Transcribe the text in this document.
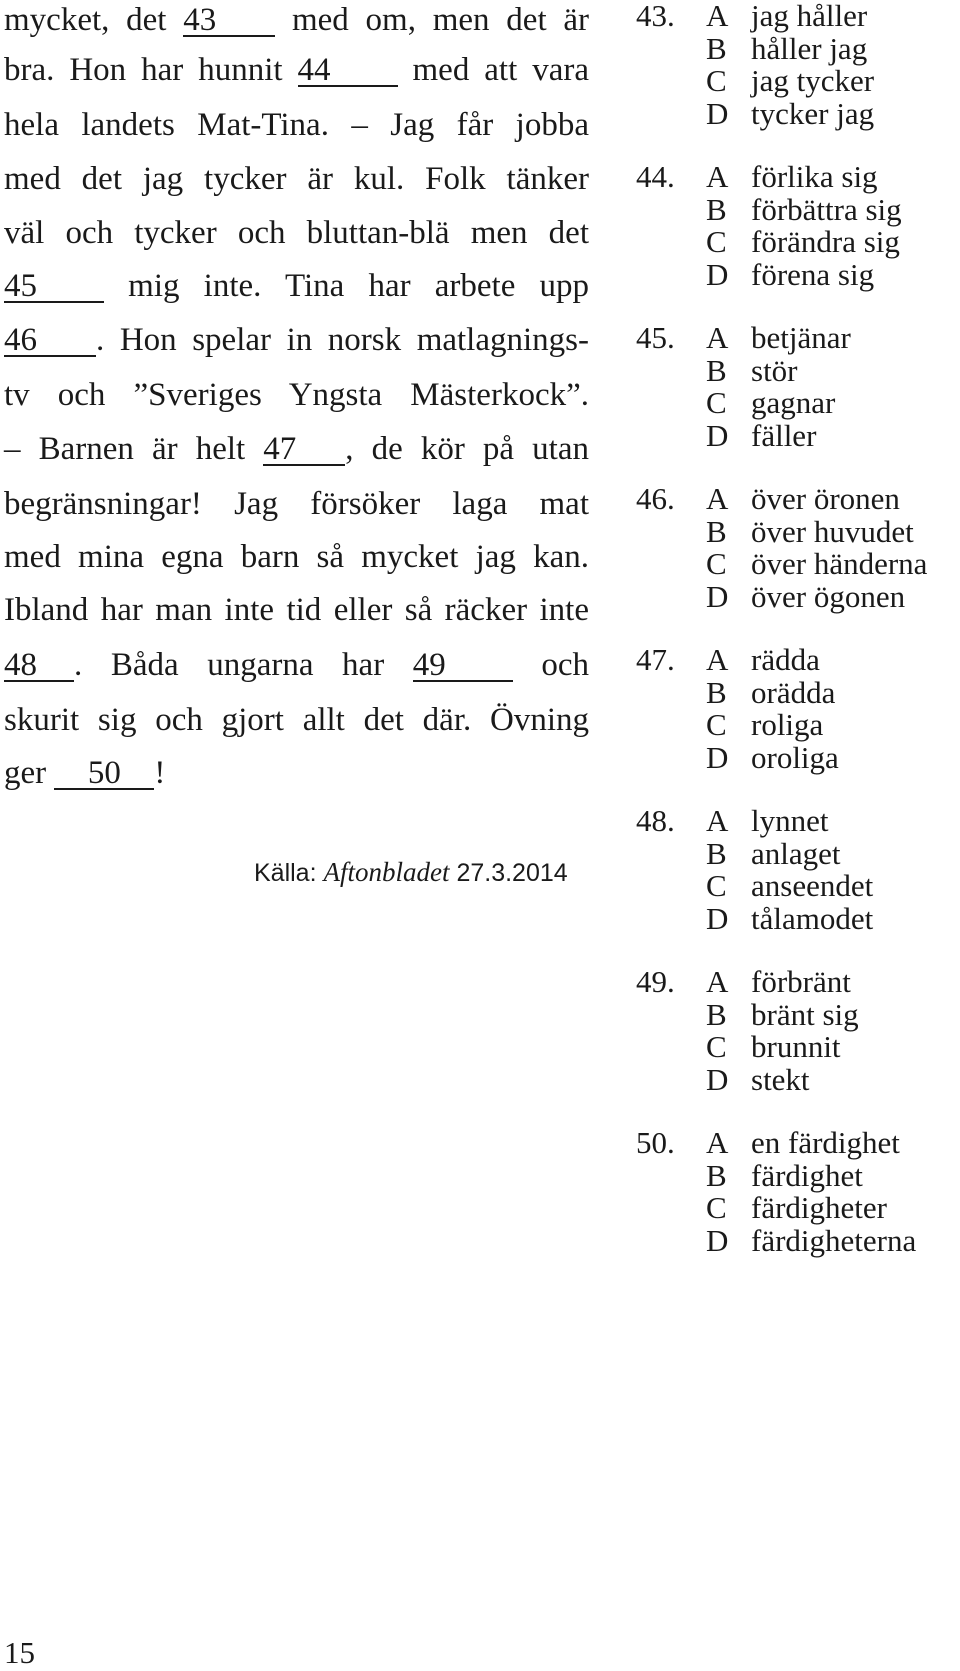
mycket, det 43 med om, men det är
bra. Hon har hunnit 44 med att vara
hela landets Mat-Tina. – Jag får jobba
med det jag tycker är kul. Folk tänker
väl och tycker och bluttan-blä men det
45	mig inte. Tina har arbete upp
46 . Hon spelar in norsk matlagnings-
tv och ”Sveriges Yngsta Mästerkock”.
– Barnen är helt 47 , de kör på utan
begränsningar! Jag försöker laga mat
med mina egna barn så mycket jag kan.
Ibland har man inte tid eller så räcker inte
48 . Båda ungarna har 49	och
skurit sig och gjort allt det där. Övning
ger 50 !
Källa: Aftonbladet 27.3.2014
43. A jag håller
B håller jag
C jag tycker
D tycker jag
44. A förlika sig
B förbättra sig
C förändra sig
D förena sig
45. A betjänar
B stör
C gagnar
D fäller
46. A över öronen
B över huvudet
C över händerna
D över ögonen
47. A rädda
B orädda
C roliga
D oroliga
48. A lynnet
B anlaget
C anseendet
D tålamodet
49. A förbränt
B bränt sig
C brunnit
D stekt
50. A en färdighet
B färdighet
C färdigheter
D färdigheterna
15
